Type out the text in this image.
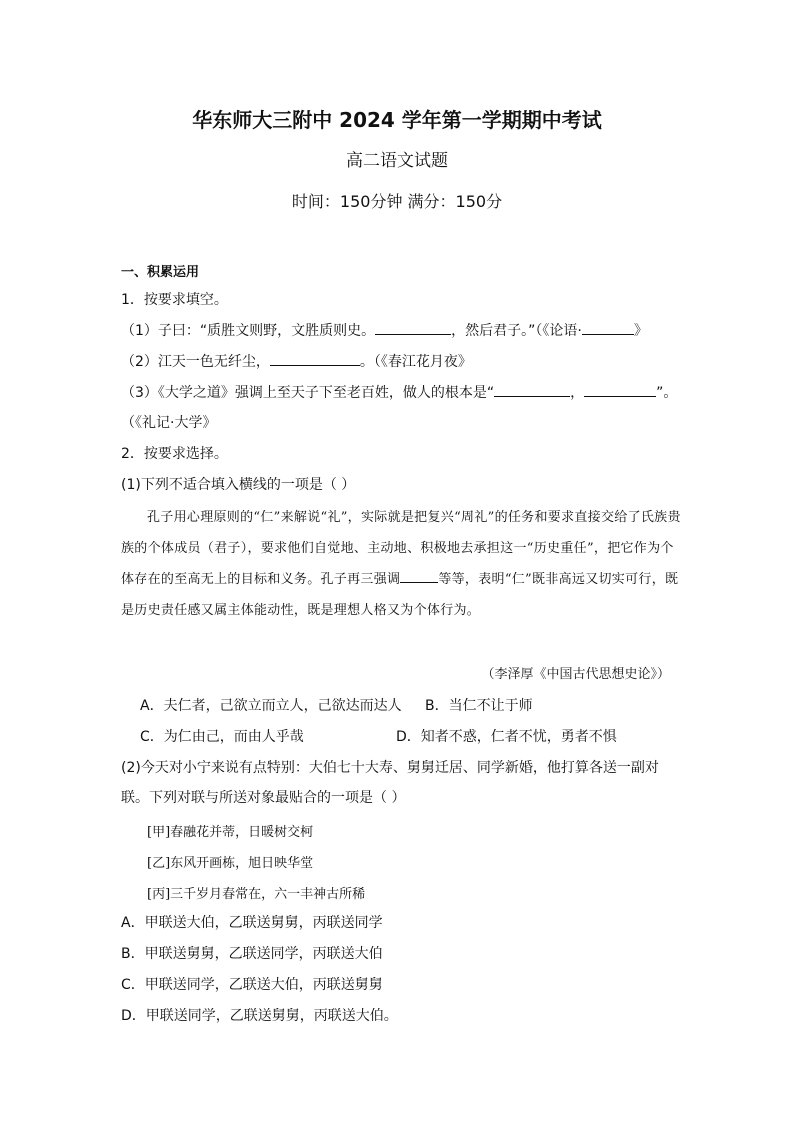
华东师大三附中 2024 学年第一学期期中考试
高二语文试题
时间：150分钟 满分：150分
一、积累运用
1．按要求填空。
（1）子曰：“质胜文则野，文胜质则史。	，然后君子。”（《论语·	》
（2）江天一色无纤尘，	。（《春江花月夜》
（3）《大学之道》强调上至天子下至老百姓，做人的根本是“	，	”。
（《礼记·大学》
2．按要求选择。
(1)下列不适合填入横线的一项是（ ）
孔子用心理原则的“仁”来解说“礼”，实际就是把复兴“周礼”的任务和要求直接交给了氏族贵族的个体成员（君子），要求他们自觉地、主动地、积极地去承担这一“历史重任”，把它作为个体存在的至高无上的目标和义务。孔子再三强调	等等，表明“仁”既非高远又切实可行，既是历史责任感又属主体能动性，既是理想人格又为个体行为。
（李泽厚《中国古代思想史论》）
A．夫仁者，己欲立而立人，己欲达而达人 B．当仁不让于师
C．为仁由己，而由人乎哉	D．知者不惑，仁者不忧，勇者不惧
(2)今天对小宁来说有点特别：大伯七十大寿、舅舅迁居、同学新婚，他打算各送一副对
联。下列对联与所送对象最贴合的一项是（ ）
[甲]春融花并蒂，日暖树交柯
[乙]东风开画栋，旭日映华堂
[丙]三千岁月春常在，六一丰神古所稀
A．甲联送大伯，乙联送舅舅，丙联送同学
B．甲联送舅舅，乙联送同学，丙联送大伯
C．甲联送同学，乙联送大伯，丙联送舅舅
D．甲联送同学，乙联送舅舅，丙联送大伯。
